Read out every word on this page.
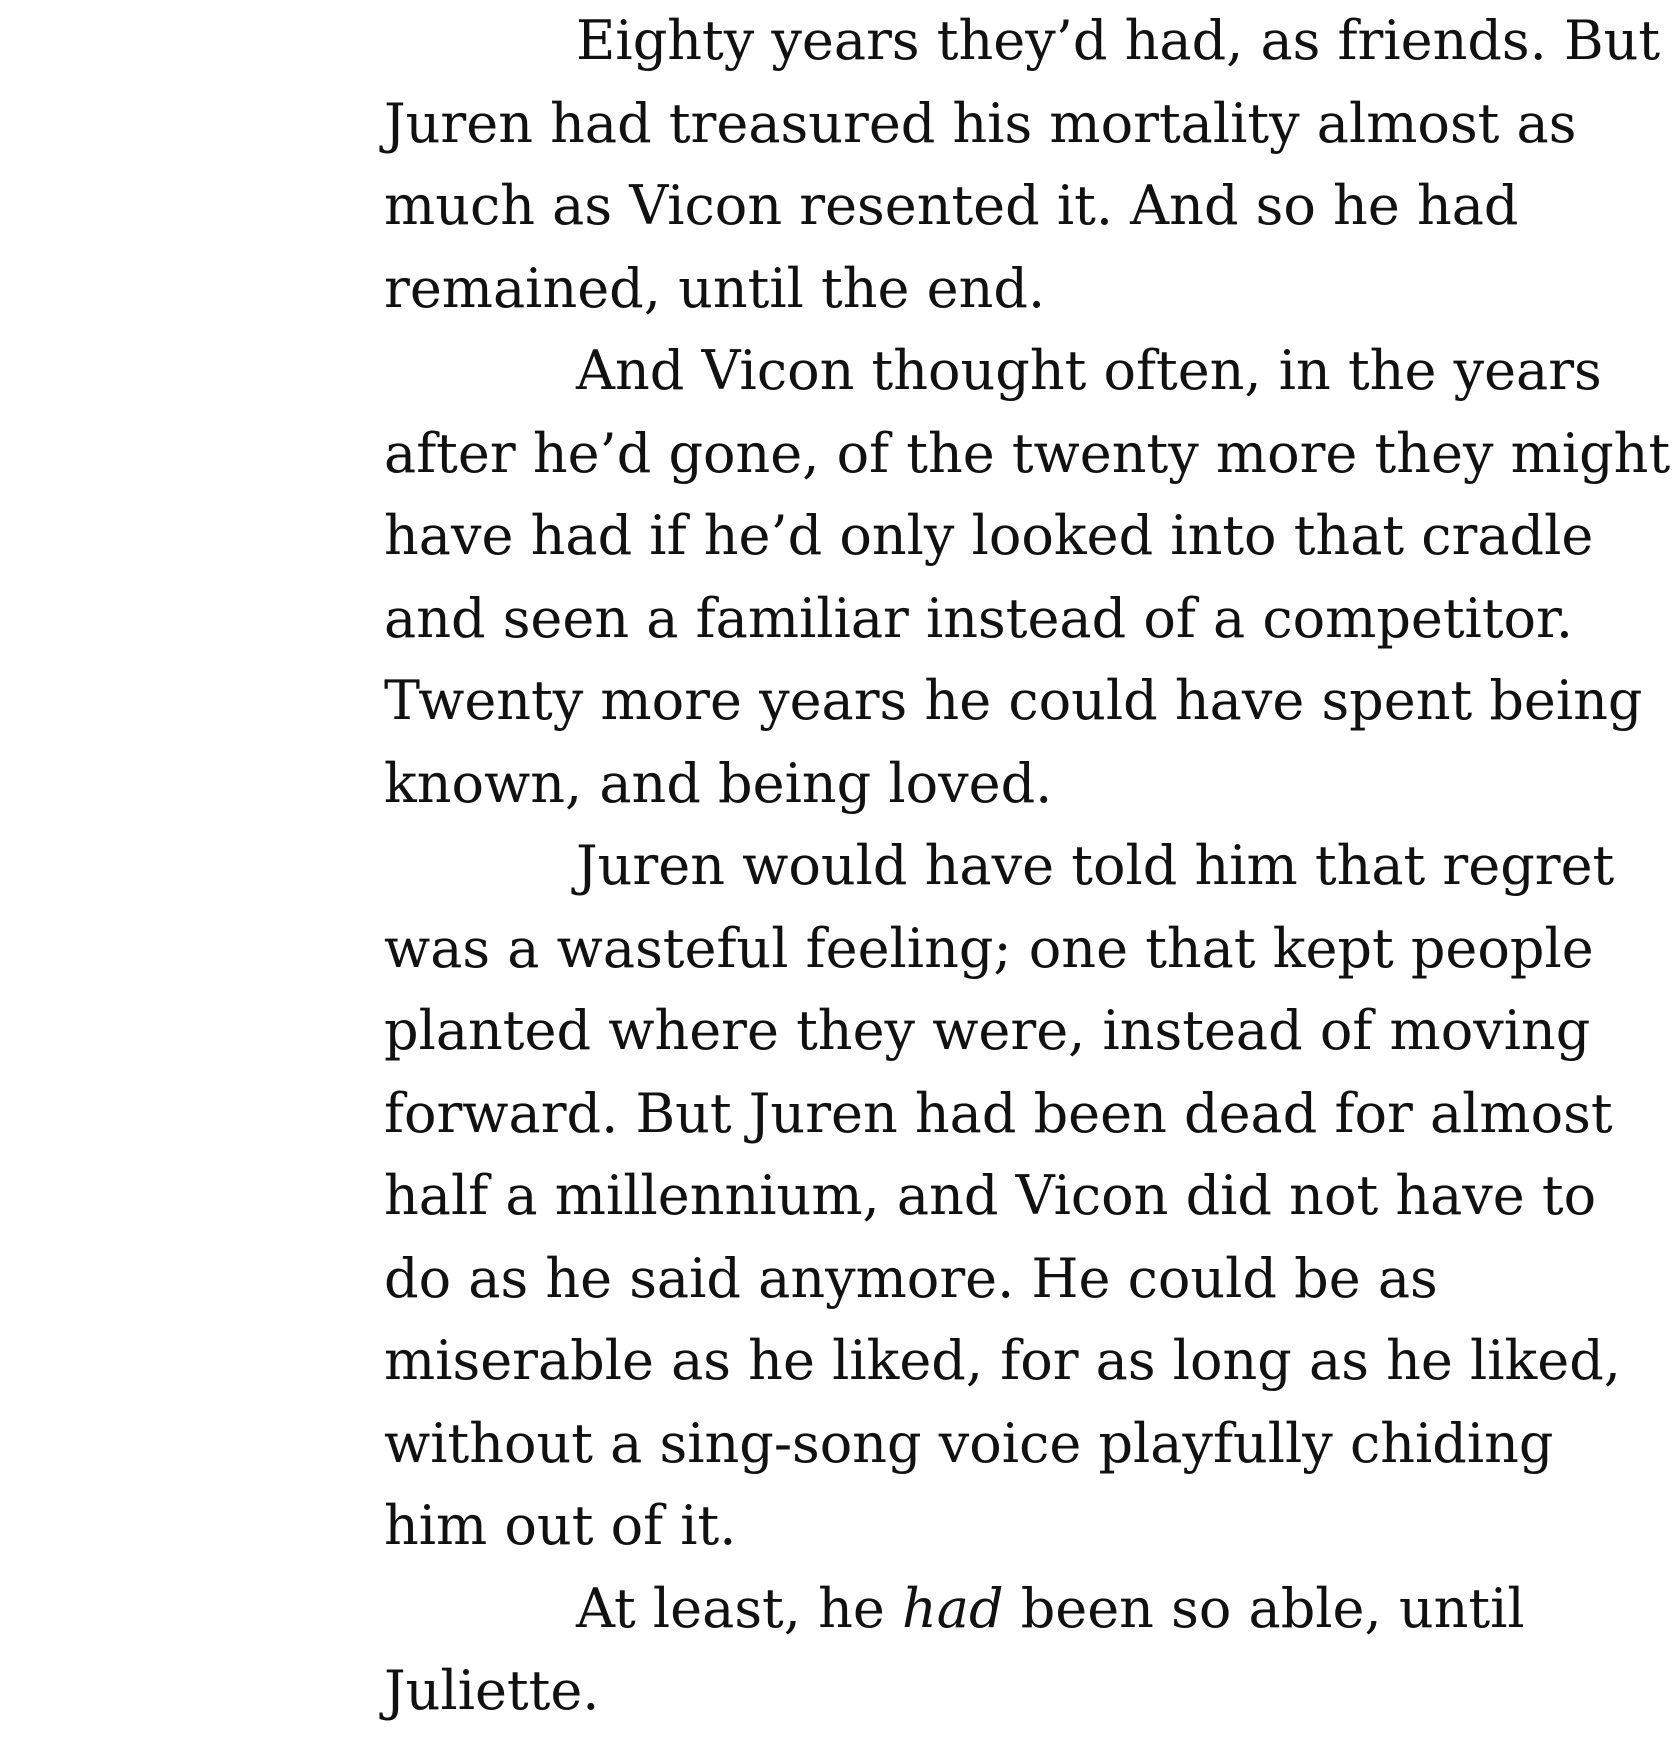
Eighty years they’d had, as friends. But
Juren had treasured his mortality almost as
much as Vicon resented it. And so he had
remained, until the end.

And Vicon thought often, in the years
after he’d gone, of the twenty more they might
have had if he’d only looked into that cradle
and seen a familiar instead of a competitor.
Twenty more years he could have spent being
known, and being loved.

Juren would have told him that regret
was a wasteful feeling; one that kept people
planted where they were, instead of moving
forward. But Juren had been dead for almost
half a millennium, and Vicon did not have to
do as he said anymore. He could be as
miserable as he liked, for as long as he liked,
without a sing-song voice playfully chiding
him out of it.

At least, he had been so able, until
Juliette.
